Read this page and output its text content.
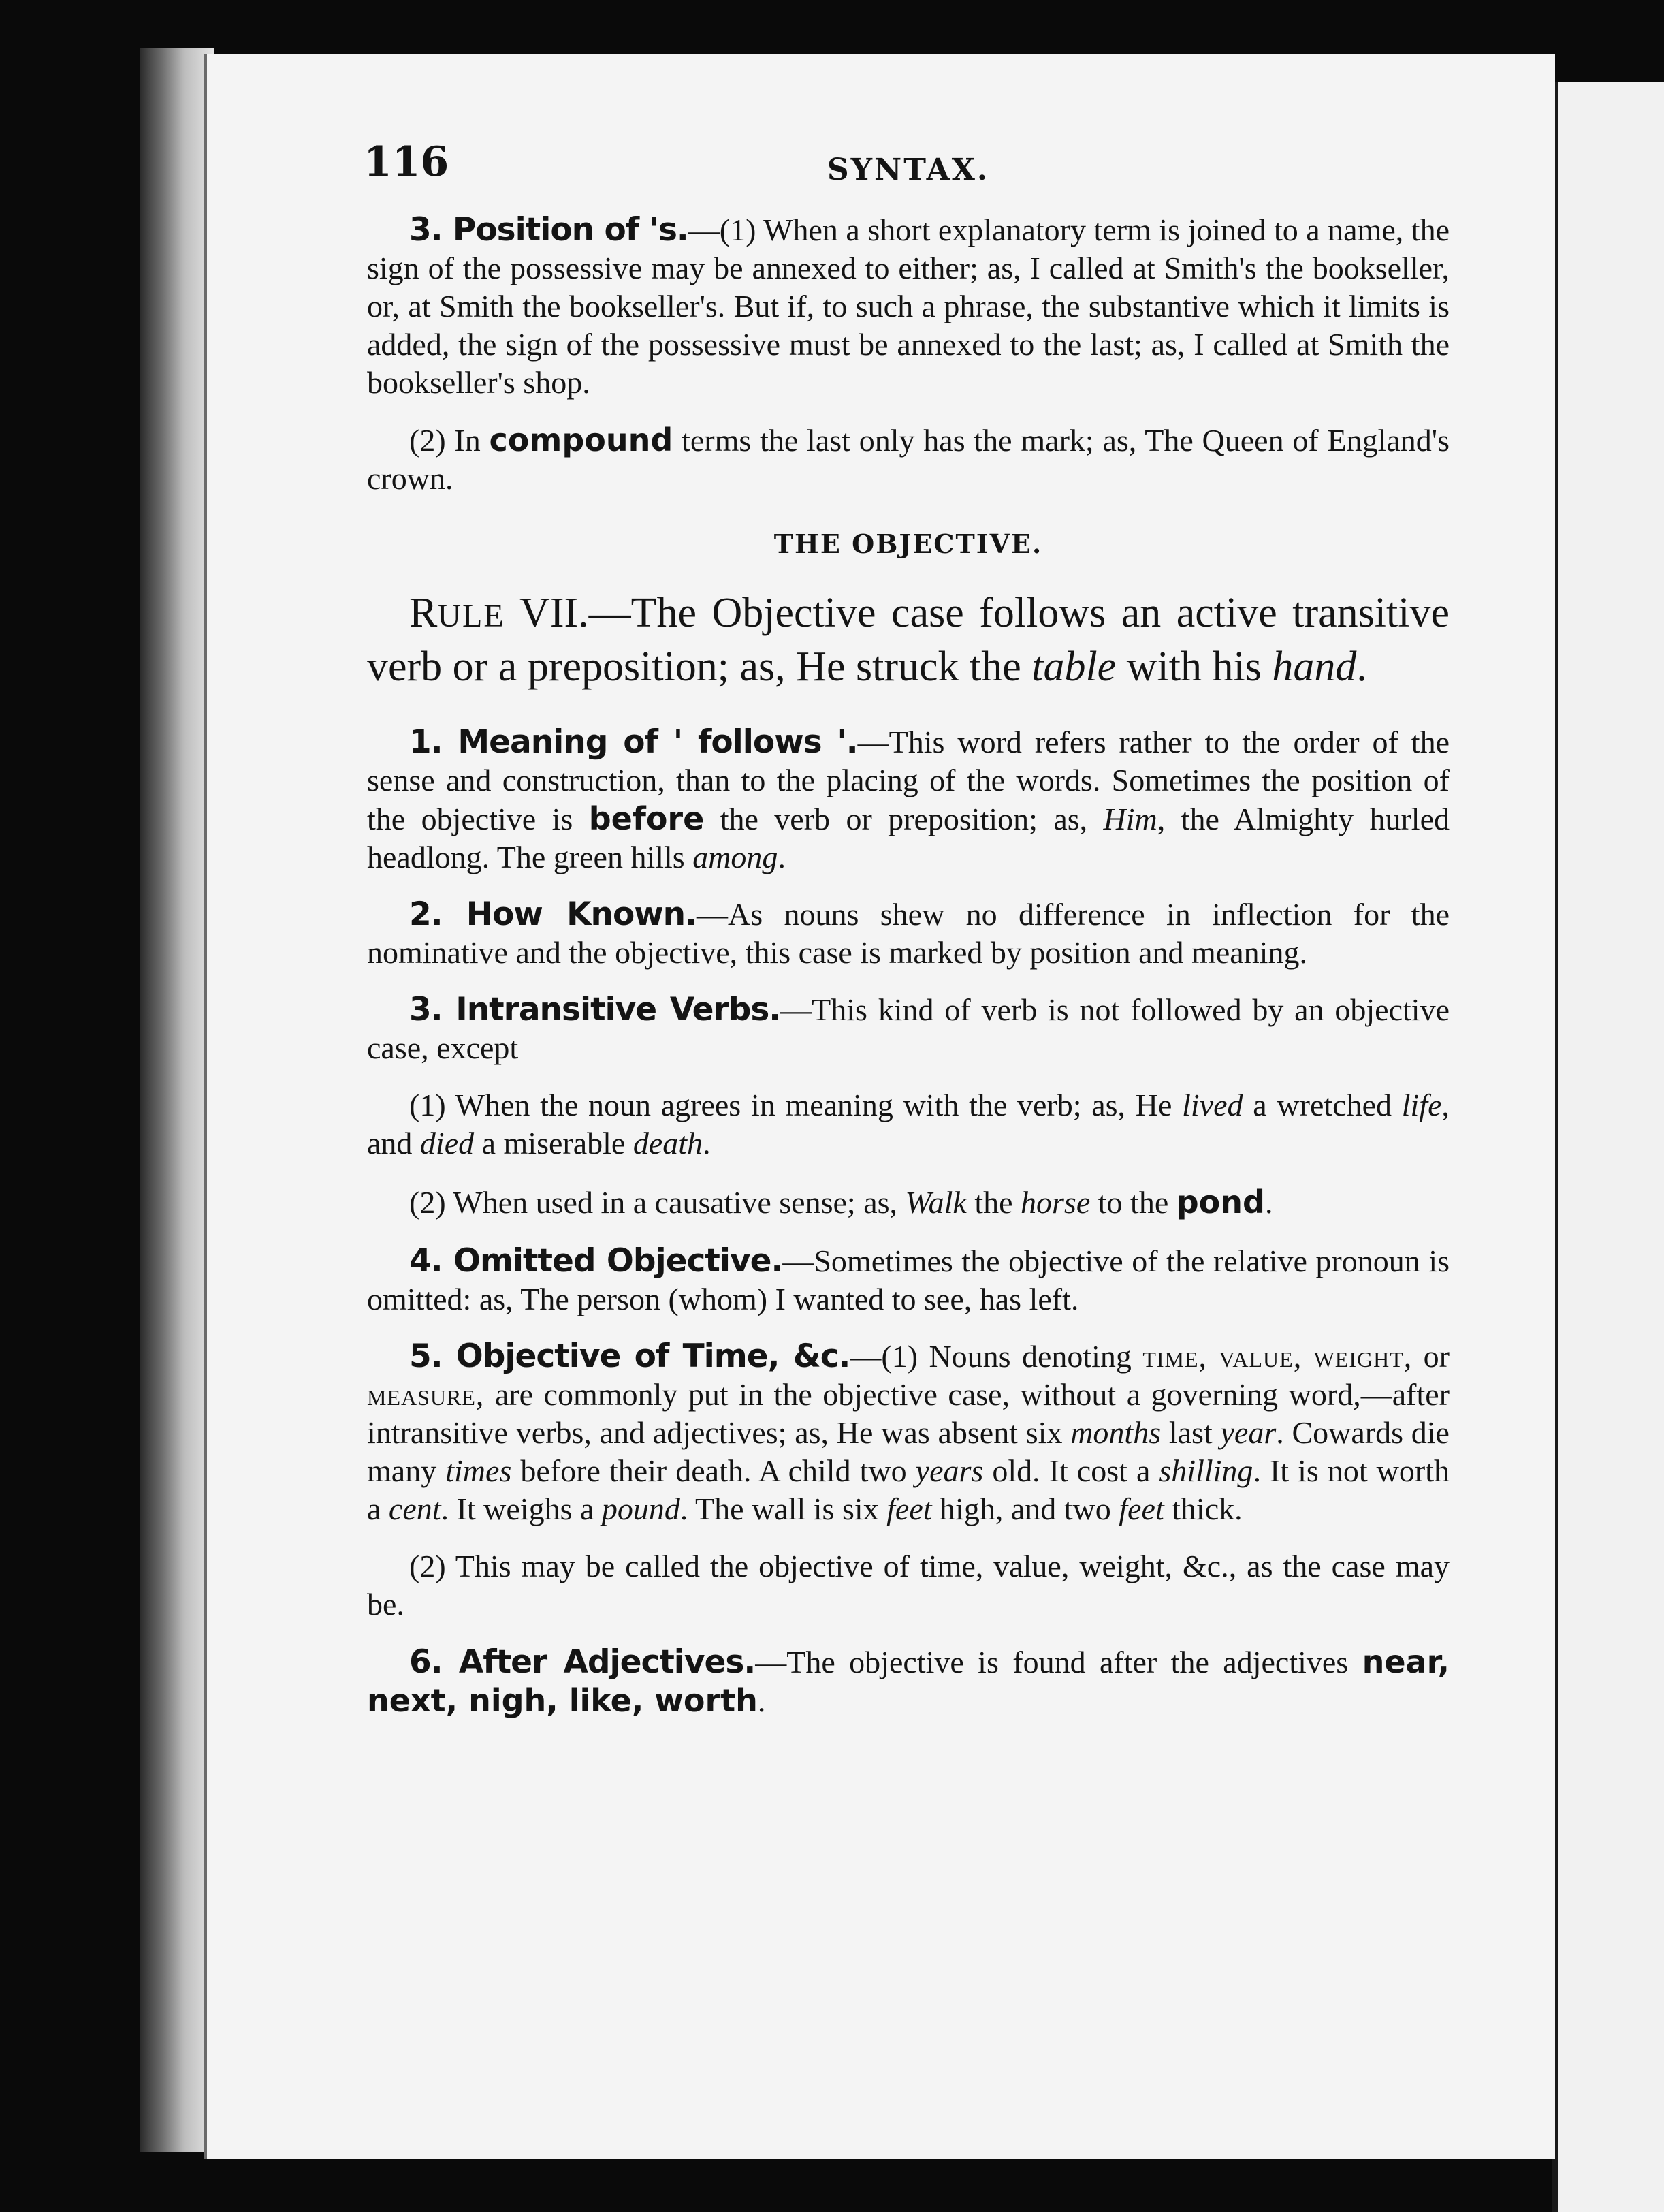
116	SYNTAX.

3. Position of 's.—(1) When a short explanatory term is joined to a name, the sign of the possessive may be annexed to either; as, I called at Smith's the bookseller, or, at Smith the bookseller's. But if, to such a phrase, the substantive which it limits is added, the sign of the possessive must be annexed to the last; as, I called at Smith the bookseller's shop.

(2) In compound terms the last only has the mark; as, The Queen of England's crown.

THE OBJECTIVE.

RULE VII.—The Objective case follows an active transitive verb or a preposition; as, He struck the table with his hand.

1. Meaning of ' follows '.—This word refers rather to the order of the sense and construction, than to the placing of the words. Sometimes the position of the objective is before the verb or preposition; as, Him, the Almighty hurled headlong. The green hills among.

2. How Known.—As nouns shew no difference in inflection for the nominative and the objective, this case is marked by position and meaning.

3. Intransitive Verbs.—This kind of verb is not followed by an objective case, except

(1) When the noun agrees in meaning with the verb; as, He lived a wretched life, and died a miserable death.

(2) When used in a causative sense; as, Walk the horse to the pond.

4. Omitted Objective.—Sometimes the objective of the relative pronoun is omitted: as, The person (whom) I wanted to see, has left.

5. Objective of Time, &c.—(1) Nouns denoting time, value, weight, or measure, are commonly put in the objective case, without a governing word,—after intransitive verbs, and adjectives; as, He was absent six months last year. Cowards die many times before their death. A child two years old. It cost a shilling. It is not worth a cent. It weighs a pound. The wall is six feet high, and two feet thick.

(2) This may be called the objective of time, value, weight, &c., as the case may be.

6. After Adjectives.—The objective is found after the adjectives near, next, nigh, like, worth.
